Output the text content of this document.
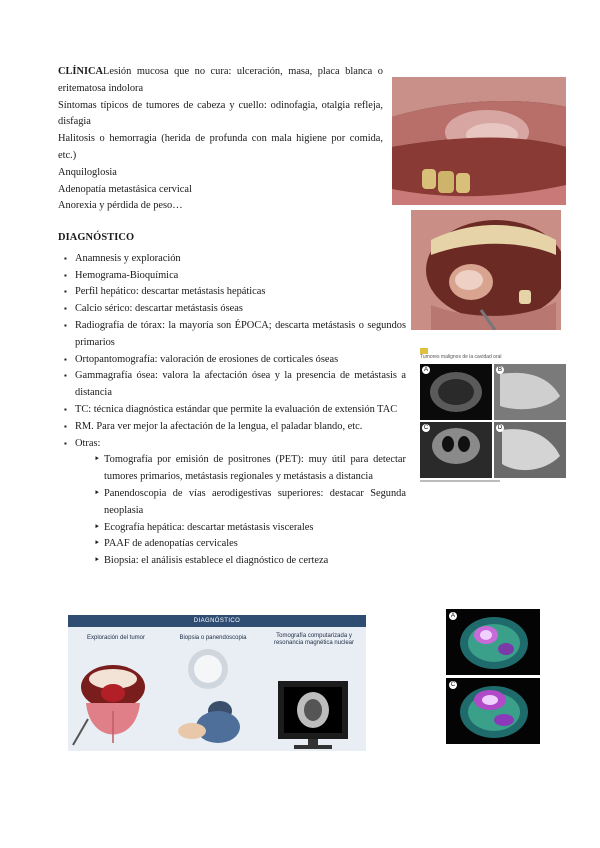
CLÍNICALesión mucosa que no cura: ulceración, masa, placa blanca o eritematosa indolora

Síntomas típicos de tumores de cabeza y cuello: odinofagia, otalgia refleja, disfagia

Halitosis o hemorragia (herida de profunda con mala higiene por comida, etc.)

Anquiloglosia

Adenopatía metastásica cervical

Anorexia y pérdida de peso…

DIAGNÓSTICO
▪ Anamnesis y exploración
▪ Hemograma-Bioquímica
▪ Perfil hepático: descartar metástasis hepáticas
▪ Calcio sérico: descartar metástasis óseas
▪ Radiografía de tórax: la mayoría son ÉPOCA; descarta metástasis o segundos primarios
▪ Ortopantomografía: valoración de erosiones de corticales óseas
▪ Gammagrafía ósea: valora la afectación ósea y la presencia de metástasis a distancia
▪ TC: técnica diagnóstica estándar que permite la evaluación de extensión TAC
▪ RM. Para ver mejor la afectación de la lengua, el paladar blando, etc.
▪ Otras:
‣ Tomografía por emisión de positrones (PET): muy útil para detectar tumores primarios, metástasis regionales y metástasis a distancia
‣ Panendoscopia de vías aerodigestivas superiores: destacar Segunda neoplasia
‣ Ecografía hepática: descartar metástasis viscerales
‣ PAAF de adenopatías cervicales
‣ Biopsia: el análisis establece el diagnóstico de certeza
Tumores malignos de la cavidad oral
A	B
C	D
DIAGNÓSTICO
Exploración del tumor	Biopsia o panendoscopia	Tomografía computarizada y resonancia magnética nuclear
A
C
